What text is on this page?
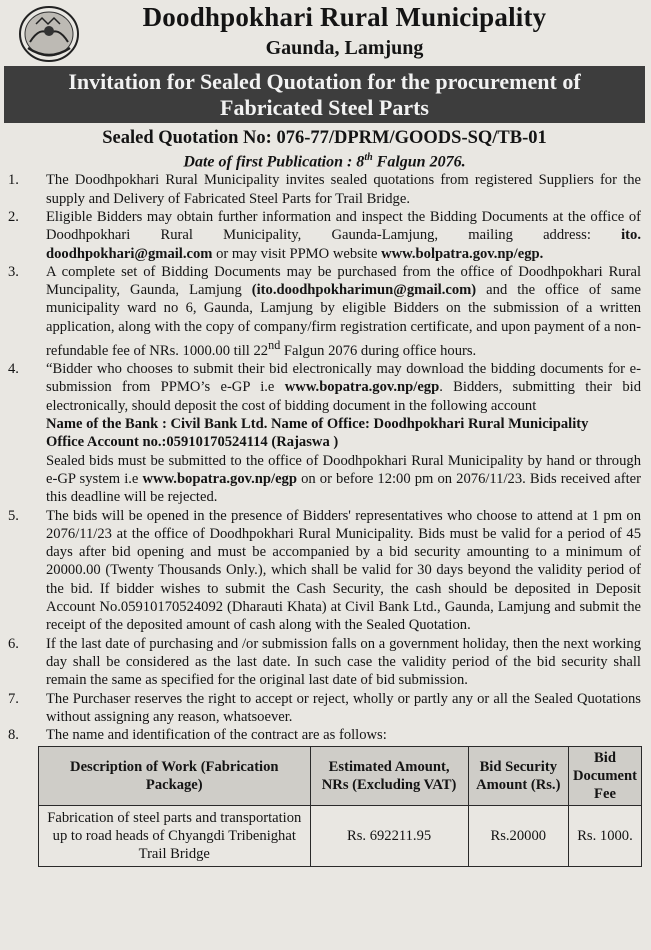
Doodhpokhari Rural Municipality
Gaunda, Lamjung
Invitation for Sealed Quotation for the procurement of
Fabricated Steel Parts
Sealed Quotation No: 076-77/DPRM/GOODS-SQ/TB-01
Date of first Publication : 8th Falgun 2076.
1. The Doodhpokhari Rural Municipality invites sealed quotations from registered Suppliers for the supply and Delivery of Fabricated Steel Parts for Trail Bridge.
2. Eligible Bidders may obtain further information and inspect the Bidding Documents at the office of Doodhpokhari Rural Municipality, Gaunda-Lamjung, mailing address: ito. doodhpokhari@gmail.com or may visit PPMO website www.bolpatra.gov.np/egp.
3. A complete set of Bidding Documents may be purchased from the office of Doodhpokhari Rural Muncipality, Gaunda, Lamjung (ito.doodhpokharimun@gmail.com) and the office of same municipality ward no 6, Gaunda, Lamjung by eligible Bidders on the submission of a written application, along with the copy of company/firm registration certificate, and upon payment of a non-refundable fee of NRs. 1000.00 till 22nd Falgun 2076 during office hours.
4. “Bidder who chooses to submit their bid electronically may download the bidding documents for e-submission from PPMO’s e-GP i.e www.bopatra.gov.np/egp. Bidders, submitting their bid electronically, should deposit the cost of bidding document in the following account
Name of the Bank : Civil Bank Ltd. Name of Office: Doodhpokhari Rural Municipality
Office Account no.:05910170524114 (Rajaswa )
Sealed bids must be submitted to the office of Doodhpokhari Rural Municipality by hand or through e-GP system i.e www.bopatra.gov.np/egp on or before 12:00 pm on 2076/11/23. Bids received after this deadline will be rejected.
5. The bids will be opened in the presence of Bidders' representatives who choose to attend at 1 pm on 2076/11/23 at the office of Doodhpokhari Rural Municipality. Bids must be valid for a period of 45 days after bid opening and must be accompanied by a bid security amounting to a minimum of 20000.00 (Twenty Thousands Only.), which shall be valid for 30 days beyond the validity period of the bid. If bidder wishes to submit the Cash Security, the cash should be deposited in Deposit Account No.05910170524092 (Dharauti Khata) at Civil Bank Ltd., Gaunda, Lamjung and submit the receipt of the deposited amount of cash along with the Sealed Quotation.
6. If the last date of purchasing and /or submission falls on a government holiday, then the next working day shall be considered as the last date. In such case the validity period of the bid security shall remain the same as specified for the original last date of bid submission.
7. The Purchaser reserves the right to accept or reject, wholly or partly any or all the Sealed Quotations without assigning any reason, whatsoever.
8. The name and identification of the contract are as follows:
Description of Work (Fabrication Package)	Estimated Amount, NRs (Excluding VAT)	Bid Security Amount (Rs.)	Bid Document Fee
Fabrication of steel parts and transportation up to road heads of Chyangdi Tribenighat Trail Bridge	Rs. 692211.95	Rs.20000	Rs. 1000.
